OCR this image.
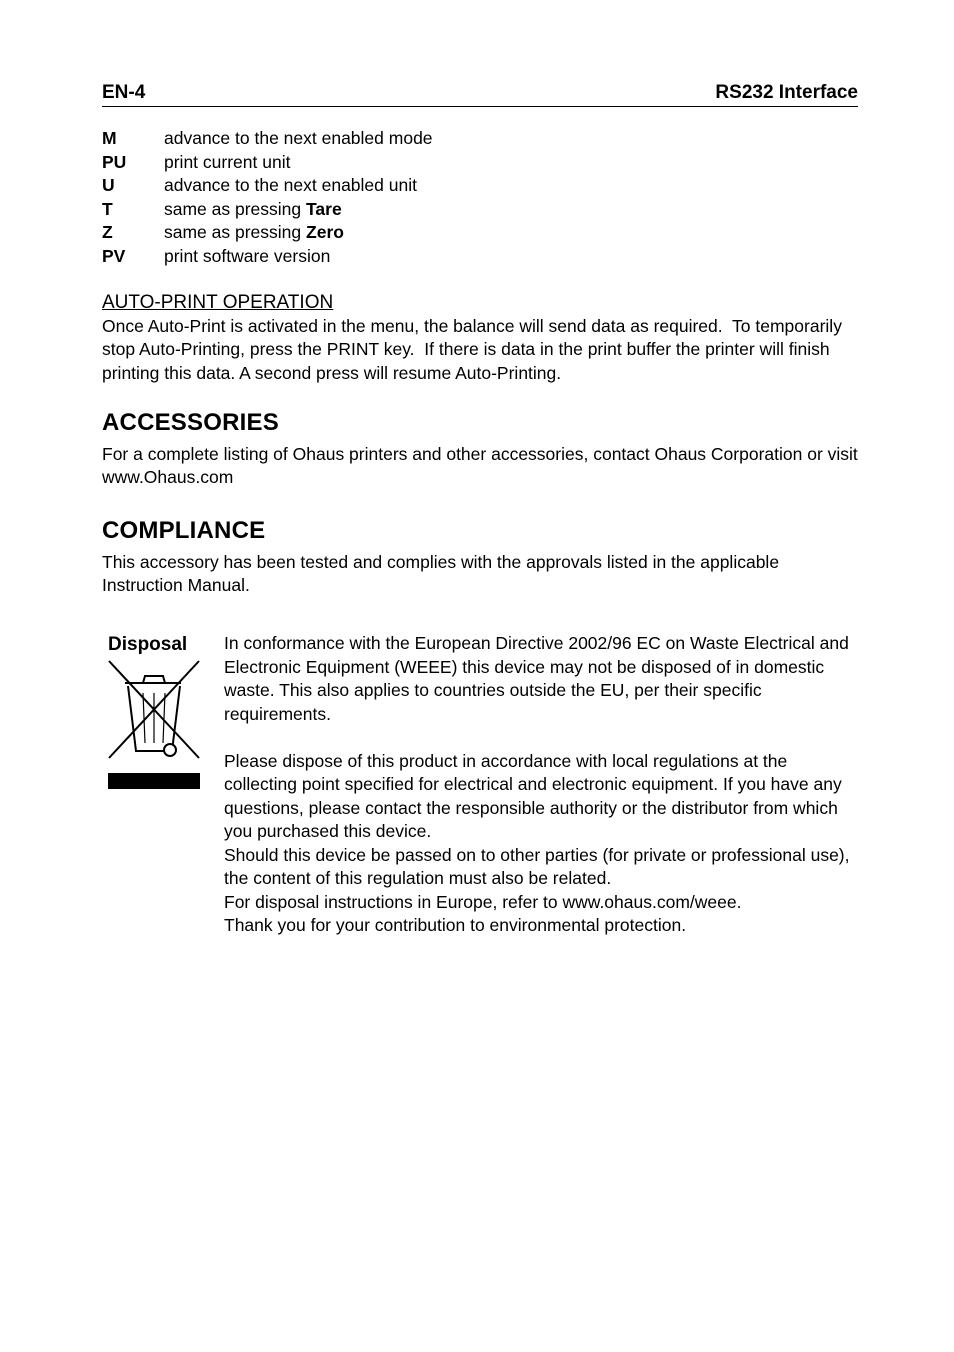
EN-4	RS232 Interface
M	advance to the next enabled mode
PU	print current unit
U	advance to the next enabled unit
T	same as pressing Tare
Z	same as pressing Zero
PV	print software version
AUTO-PRINT OPERATION
Once Auto-Print is activated in the menu, the balance will send data as required.  To temporarily stop Auto-Printing, press the PRINT key.  If there is data in the print buffer the printer will finish printing this data. A second press will resume Auto-Printing.
ACCESSORIES
For a complete listing of Ohaus printers and other accessories, contact Ohaus Corporation or visit www.Ohaus.com
COMPLIANCE
This accessory has been tested and complies with the approvals listed in the applicable Instruction Manual.
Disposal In conformance with the European Directive 2002/96 EC on Waste Electrical and Electronic Equipment (WEEE) this device may not be disposed of in domestic waste. This also applies to countries outside the EU, per their specific requirements.

Please dispose of this product in accordance with local regulations at the collecting point specified for electrical and electronic equipment. If you have any questions, please contact the responsible authority or the distributor from which you purchased this device.

Should this device be passed on to other parties (for private or professional use), the content of this regulation must also be related.

For disposal instructions in Europe, refer to www.ohaus.com/weee.

Thank you for your contribution to environmental protection.
